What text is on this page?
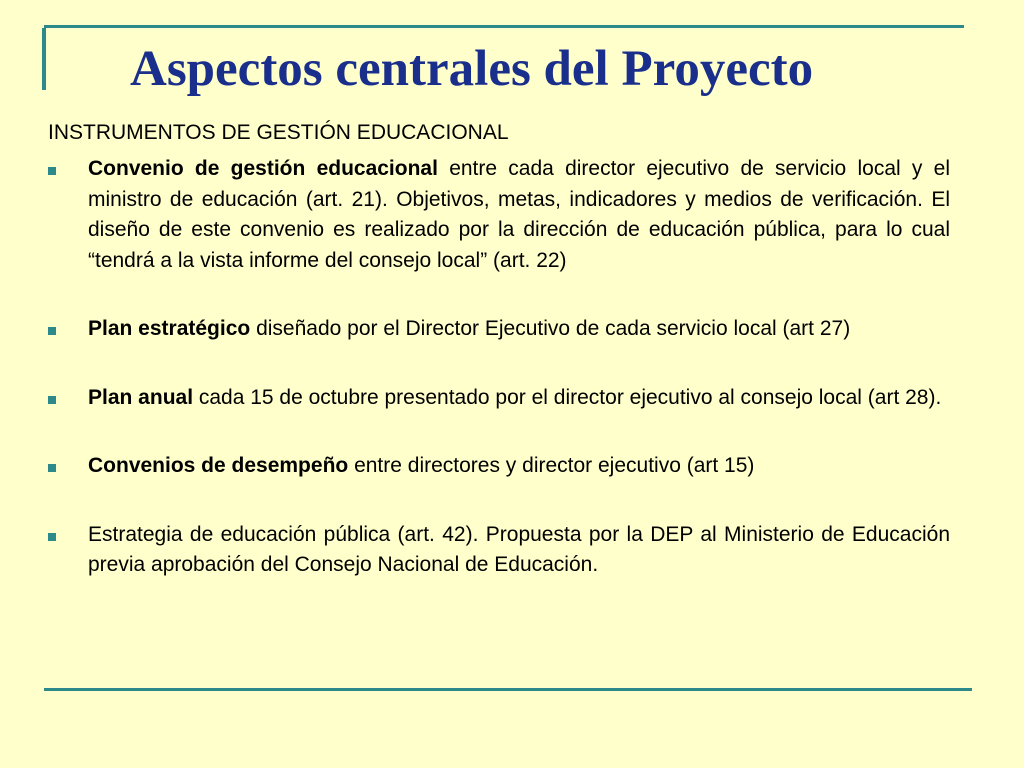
Aspectos centrales del Proyecto
INSTRUMENTOS DE GESTIÓN EDUCACIONAL
Convenio de gestión educacional entre cada director ejecutivo de servicio local y el ministro de educación (art. 21). Objetivos, metas, indicadores y medios de verificación. El diseño de este convenio es realizado por la dirección de educación pública, para lo cual “tendrá a la vista informe del consejo local” (art. 22)
Plan estratégico diseñado por el Director Ejecutivo de cada servicio local (art 27)
Plan anual cada 15 de octubre presentado por el director ejecutivo al consejo local (art 28).
Convenios de desempeño entre directores y director ejecutivo (art 15)
Estrategia de educación pública (art. 42). Propuesta por la DEP al Ministerio de Educación previa aprobación del Consejo Nacional de Educación.
